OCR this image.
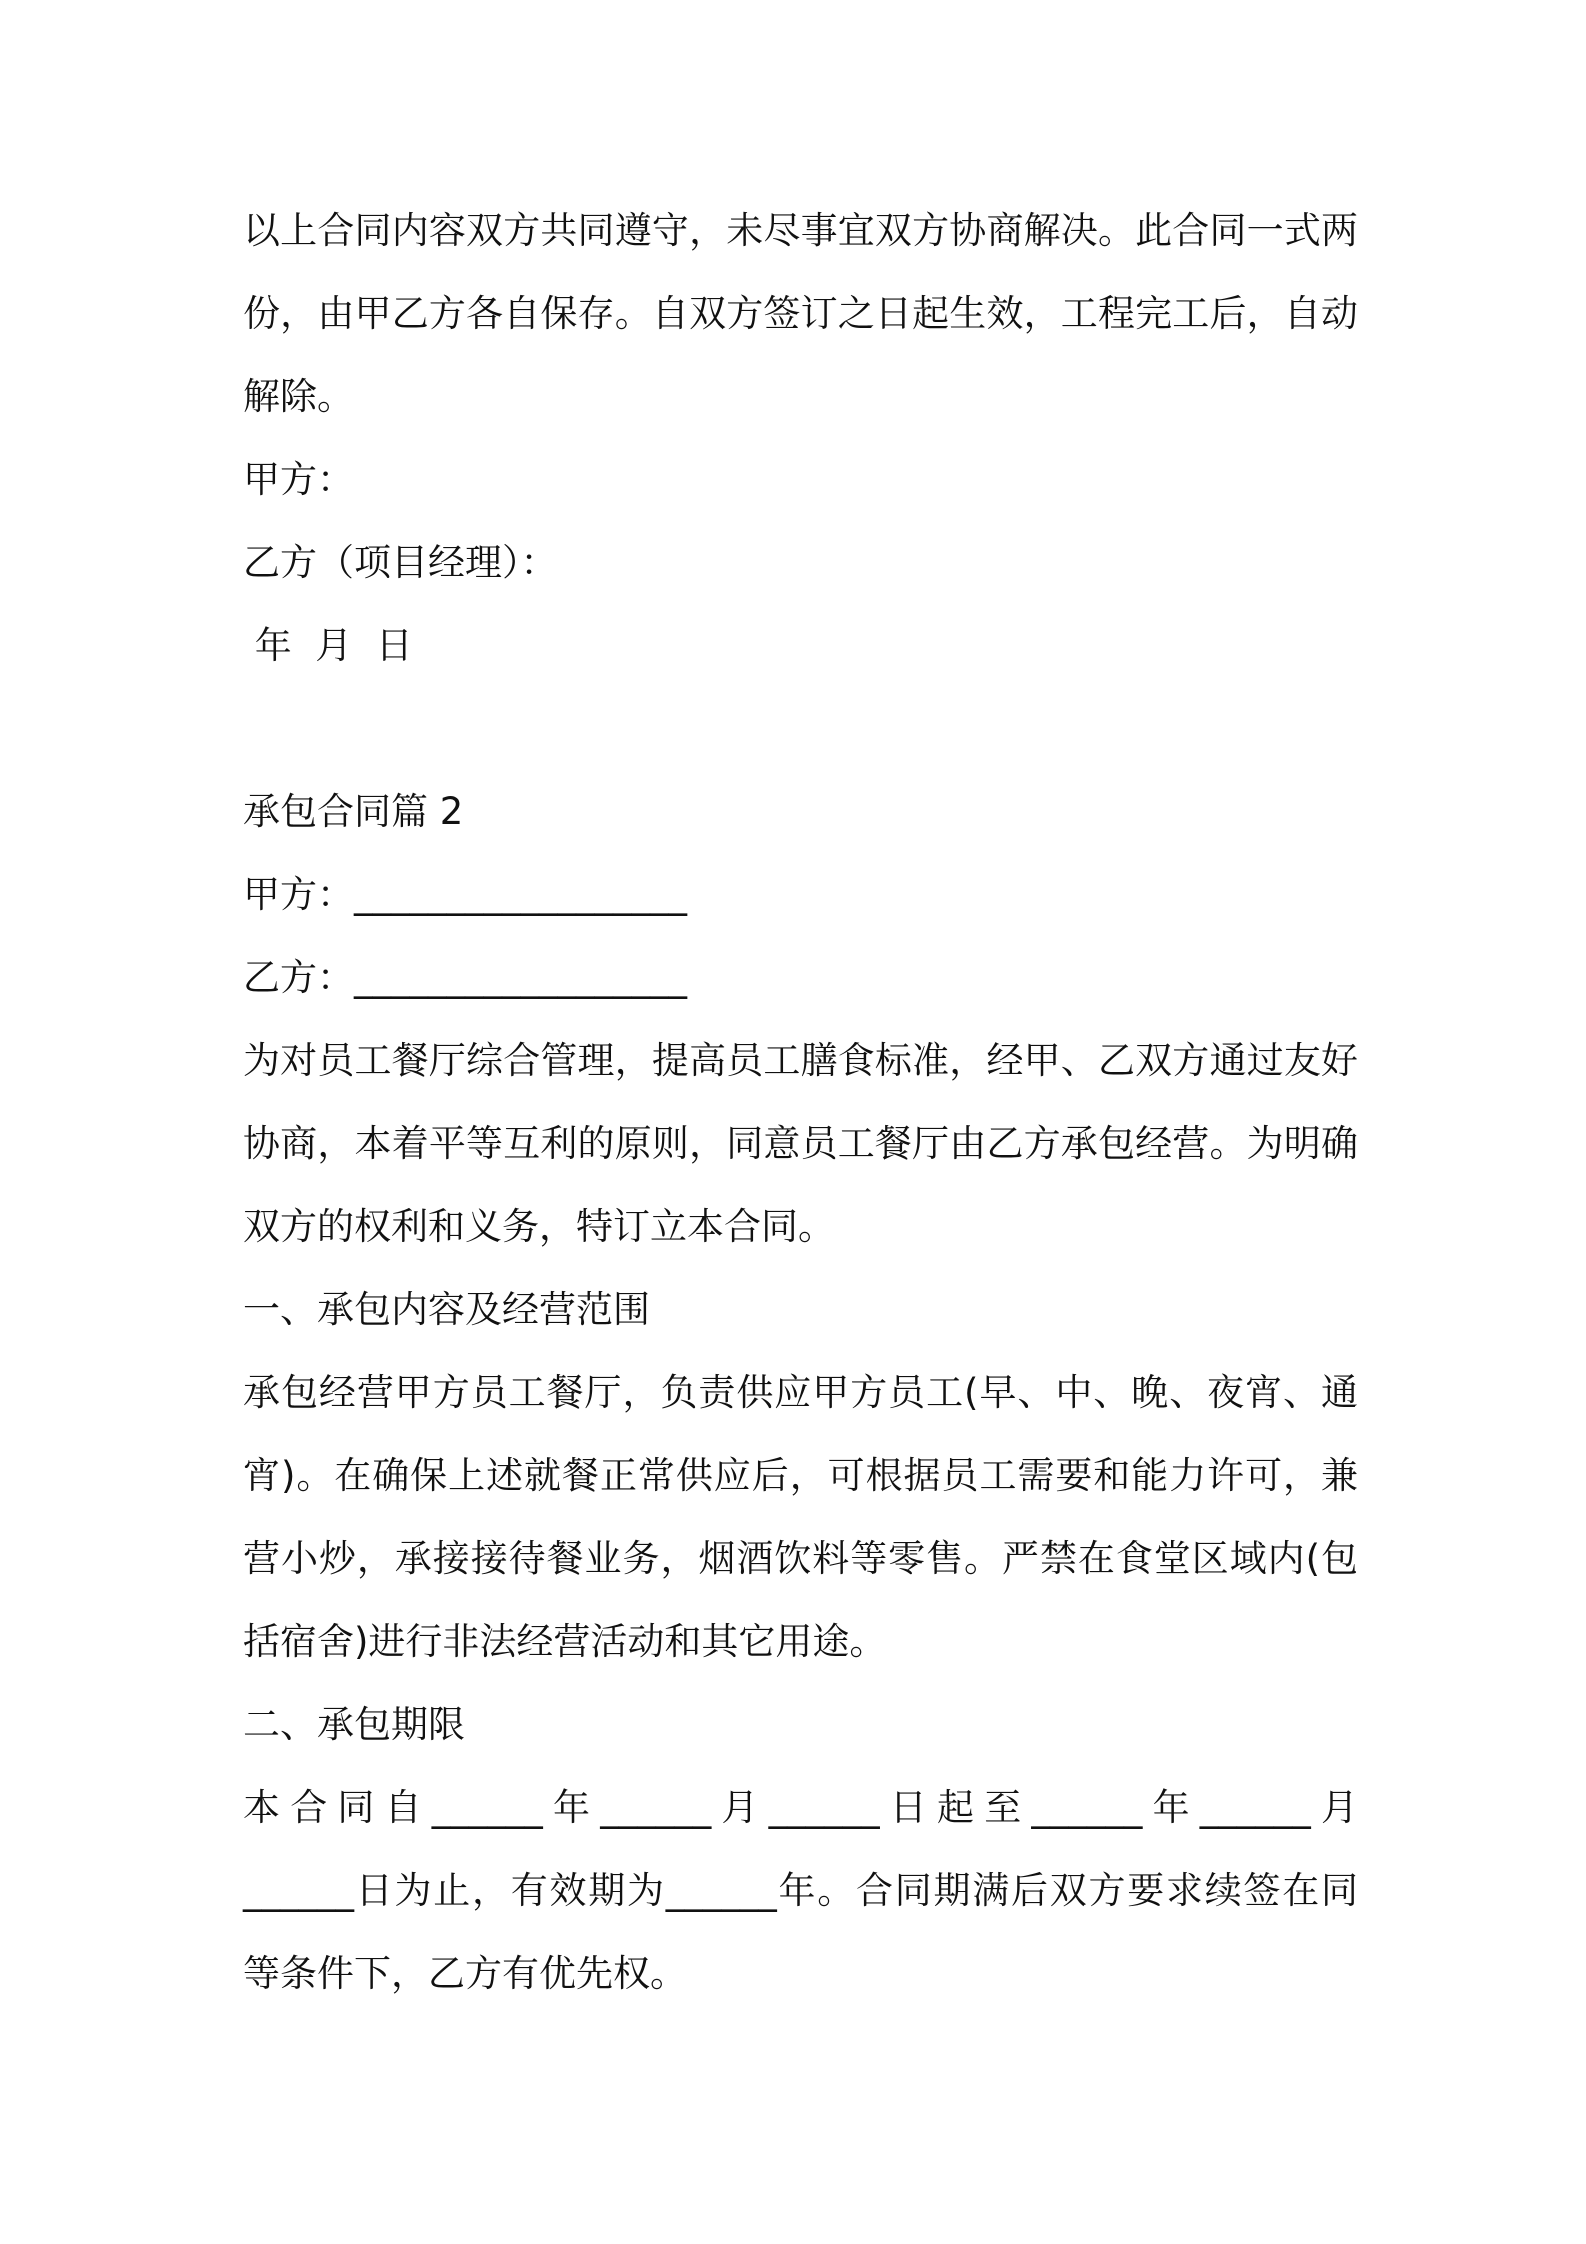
以上合同内容双方共同遵守，未尽事宜双方协商解决。此合同一式两

份，由甲乙方各自保存。自双方签订之日起生效，工程完工后，自动

解除。

甲方：

乙方（项目经理）：

年  月  日

承包合同篇 2

甲方：__________________

乙方：__________________

为对员工餐厅综合管理，提高员工膳食标准，经甲、乙双方通过友好

协商，本着平等互利的原则，同意员工餐厅由乙方承包经营。为明确

双方的权利和义务，特订立本合同。

一、承包内容及经营范围

承包经营甲方员工餐厅，负责供应甲方员工(早、中、晚、夜宵、通

宵)。在确保上述就餐正常供应后，可根据员工需要和能力许可，兼

营小炒，承接接待餐业务，烟酒饮料等零售。严禁在食堂区域内(包

括宿舍)进行非法经营活动和其它用途。

二、承包期限

本合同自______年______月______日起至______年______月

______日为止，有效期为______年。合同期满后双方要求续签在同

等条件下，乙方有优先权。
